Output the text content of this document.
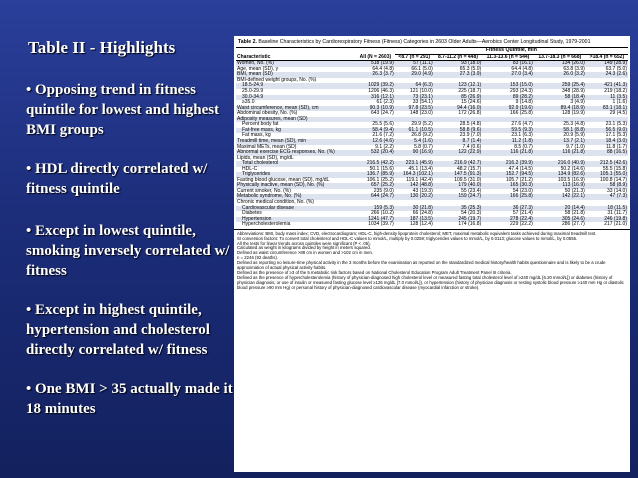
Table II - Highlights
• Opposing trend in fitness quintile for lowest and highest BMI groups
• HDL directly correlated w/ fitness quintile
• Except in lowest quintile, smoking inversely correlated w/ fitness
• Except in highest quintile, hypertension and cholesterol directly correlated w/ fitness
• One BMI > 35 actually made it 18 minutes
Table 2. Baseline Characteristics by Cardiorespiratory Fitness (Fitness) Categories in 2603 Older Adults—Aerobics Center Longitudinal Study, 1979-2001
		Fitness Quintile, min				
Characteristic	All (N = 2603)	<8.7 (n = 291)	8.7-11.2 (n = 448)	11.3-13.6 (n = 544)	13.7-18.3 (n = 668)	>18.4 (n = 652)
Women, No. (%)	518 (19.9)	57 (11.1)	93 (18.0)	83 (16.1)	134 (26.0)	149 (28.9)
Age, mean (SD), y	64.4 (4.8)	66.1 (5.0)	65.3 (5.0)	64.4 (4.8)	63.8 (3.9)	63.7 (5.0)
BMI, mean (SD)	26.3 (3.7)	29.0 (4.9)	27.3 (3.9)	27.0 (3.4)	26.0 (3.2)	24.3 (2.6)
BMI-defined weight groups, No. (%)						
18.5-24.9	1029 (39.2)	64 (6.3)	123 (12.1)	153 (15.0)	259 (25.4)	421 (41.3)
25.0-29.9	1206 (46.3)	121 (10.0)	225 (18.7)	293 (24.3)	348 (28.9)	219 (18.2)
30.0-34.9	316 (12.1)	73 (23.1)	85 (26.9)	89 (28.2)	58 (18.4)	11 (3.5)
≥35.0	61 (2.3)	33 (54.1)	15 (24.6)	9 (14.8)	3 (4.9)	1 (1.6)
Waist circumference, mean (SD), cm	90.3 (10.9)	97.8 (23.5)	94.4 (16.0)	92.9 (19.6)	89.4 (18.9)	83.1 (18.1)
Abdominal obesity, No. (%)	643 (24.7)	148 (23.0)	172 (26.8)	166 (25.8)	128 (19.9)	29 (4.5)
Adiposity measures, mean (SD)						
Percent body fat	25.5 (5.6)	29.9 (5.2)	28.5 (4.8)	27.6 (4.7)	25.3 (4.8)	23.1 (5.3)
Fat-free mass, kg	58.4 (9.4)	61.1 (10.5)	58.8 (9.6)	59.5 (9.3)	58.1 (8.8)	56.5 (9.0)
Fat mass, kg	21.6 (7.2)	26.8 (9.2)	23.9 (7.0)	23.1 (6.3)	20.9 (5.9)	17.1 (5.3)
Treadmill time, mean (SD), min	12.6 (4.6)	5.4 (1.6)	8.7 (1.4)	11.2 (1.8)	13.7 (2.1)	18.4 (3.0)
Maximal METs, mean (SD)	9.1 (2.2)	5.8 (0.7)	7.4 (0.6)	8.5 (0.7)	9.7 (1.0)	11.8 (1.7)
Abnormal exercise ECG responses, No. (%)	532 (20.4)	90 (16.9)	122 (22.9)	116 (21.8)	116 (21.8)	88 (16.5)
Lipids, mean (SD), mg/dL						
Total cholesterol	216.5 (42.2)	223.1 (45.9)	216.9 (42.7)	216.2 (39.9)	216.0 (40.9)	212.5 (42.6)
HDL-C	50.1 (15.6)	45.1 (13.4)	48.2 (15.7)	47.4 (14.5)	50.2 (14.6)	55.5 (15.8)
Triglycerides	136.7 (85.9)	164.3 (102.1)	147.5 (91.3)	152.7 (94.5)	134.9 (82.6)	105.1 (55.0)
Fasting blood glucose, mean (SD), mg/dL	106.1 (25.2)	119.1 (42.4)	109.5 (31.0)	105.7 (21.2)	103.5 (16.9)	100.8 (14.7)
Physically inactive, mean (SD), No. (%)	657 (25.2)	142 (48.8)	179 (40.0)	165 (30.3)	113 (16.9)	58 (8.9)
Current smoker, No. (%)	235 (9.0)	43 (19.3)	55 (23.4)	54 (23.0)	50 (21.3)	33 (14.0)
Metabolic syndrome, No. (%)	644 (24.7)	130 (20.2)	159 (24.7)	166 (25.8)	142 (22.1)	47 (7.3)
Chronic medical condition, No. (%)						
Cardiovascular disease	159 (5.3)	30 (21.8)	35 (25.3)	36 (27.3)	20 (14.4)	18 (11.5)
Diabetes	266 (10.2)	66 (24.8)	54 (20.3)	57 (21.4)	58 (21.8)	31 (11.7)
Hypertension	1241 (47.7)	187 (13.5)	245 (19.7)	278 (22.4)	305 (24.6)	246 (19.8)
Hypercholesterolemia	1034 (39.7)	128 (12.4)	174 (16.8)	229 (22.2)	286 (27.7)	217 (21.0)
Abbreviations: BMI, body mass index; CVD, electrocardiogram; HDL-C, high-density lipoprotein cholesterol; MET, maximal metabolic equivalent tasks achieved during maximal treadmill test.
SI conversion factors: To convert total cholesterol and HDL-C values to mmol/L, multiply by 0.0259; triglycerides values to mmol/L, by 0.0113; glucose values to mmol/L, by 0.0555.
All the tests for linear trends across quintiles were significant (P < .05).
Calculated as weight in kilograms divided by height in meters squared.
Defined as waist circumference >88 cm in women and >102 cm in men.
n = 2246 (92 deaths).
Defined as reporting no leisure-time physical activity in the 3 months before the examination as reported on the standardized medical history/health habits questionnaire and is likely to be a crude approximation of actual physical activity habits.
Defined as the presence of ≥3 of the 5 metabolic risk factors based on National Cholesterol Education Program Adult Treatment Panel III criteria.
Defined as the presence of hypercholesterolemia (history of physician-diagnosed high cholesterol level or measured fasting total cholesterol level of ≥240 mg/dL [6.20 mmol/L]) or diabetes (history of physician diagnosis, or use of insulin or measured fasting glucose level ≥126 mg/dL [7.0 mmol/L]), or hypertension (history of physician diagnosis or resting systolic blood pressure ≥140 mm Hg or diastolic blood pressure ≥90 mm Hg) or personal history of physician-diagnosed cardiovascular disease (myocardial infarction or stroke).
